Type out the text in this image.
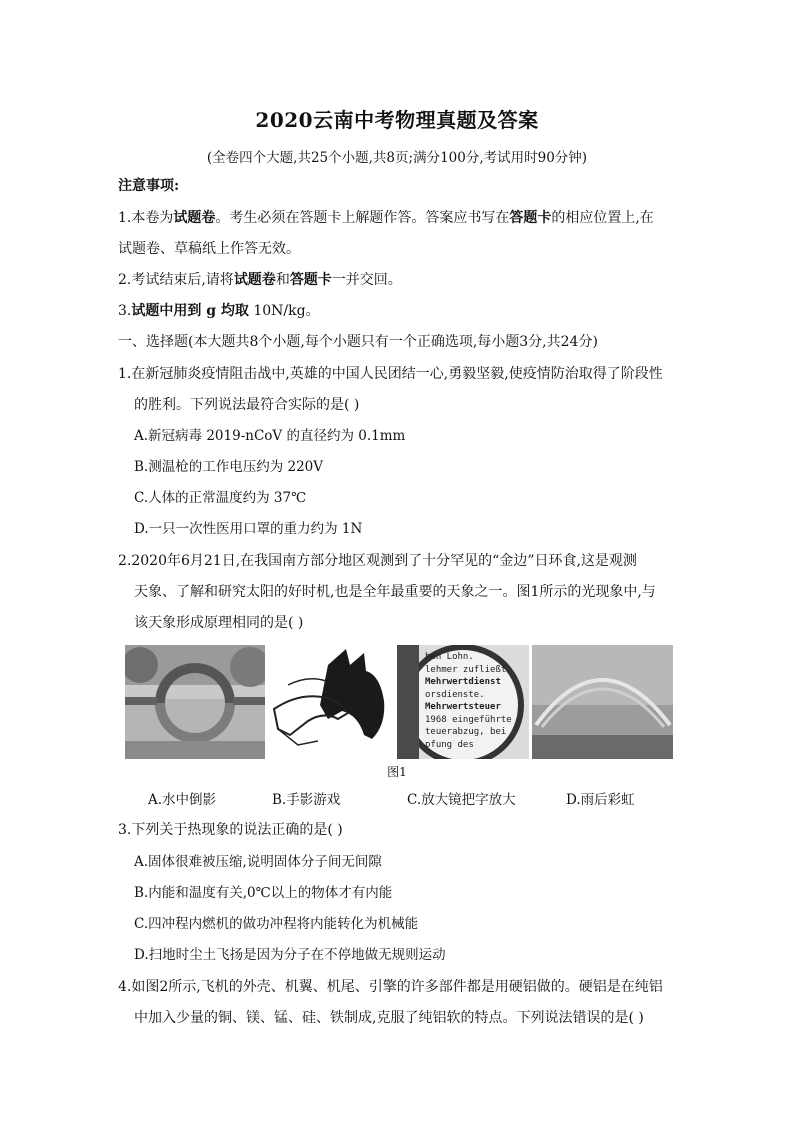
2020云南中考物理真题及答案
(全卷四个大题,共25个小题,共8页;满分100分,考试用时90分钟)
注意事项:
1.本卷为试题卷。考生必须在答题卡上解题作答。答案应书写在答题卡的相应位置上,在
试题卷、草稿纸上作答无效。
2.考试结束后,请将试题卷和答题卡一并交回。
3.试题中用到 g 均取 10N/kg。
一、选择题(本大题共8个小题,每个小题只有一个正确选项,每小题3分,共24分)
1.在新冠肺炎疫情阻击战中,英雄的中国人民团结一心,勇毅坚毅,使疫情防治取得了阶段性
的胜利。下列说法最符合实际的是( )
A.新冠病毒 2019-nCoV 的直径约为 0.1mm
B.测温枪的工作电压约为 220V
C.人体的正常温度约为 37℃
D.一只一次性医用口罩的重力约为 1N
2.2020年6月21日,在我国南方部分地区观测到了十分罕见的“金边”日环食,这是观测
天象、了解和研究太阳的好时机,也是全年最重要的天象之一。图1所示的光现象中,与
该天象形成原理相同的是( )
hen Lohn.
lehmer zufließt.
Mehrwertdienst
orsdienste.
Mehrwertsteuer
1968 eingeführte
teuerabzug, bei
pfung des
图1
A.水中倒影	B.手影游戏	C.放大镜把字放大	D.雨后彩虹
3.下列关于热现象的说法正确的是( )
A.固体很难被压缩,说明固体分子间无间隙
B.内能和温度有关,0℃以上的物体才有内能
C.四冲程内燃机的做功冲程将内能转化为机械能
D.扫地时尘土飞扬是因为分子在不停地做无规则运动
4.如图2所示,飞机的外壳、机翼、机尾、引擎的许多部件都是用硬铝做的。硬铝是在纯铝
中加入少量的铜、镁、锰、硅、铁制成,克服了纯铝软的特点。下列说法错误的是( )
